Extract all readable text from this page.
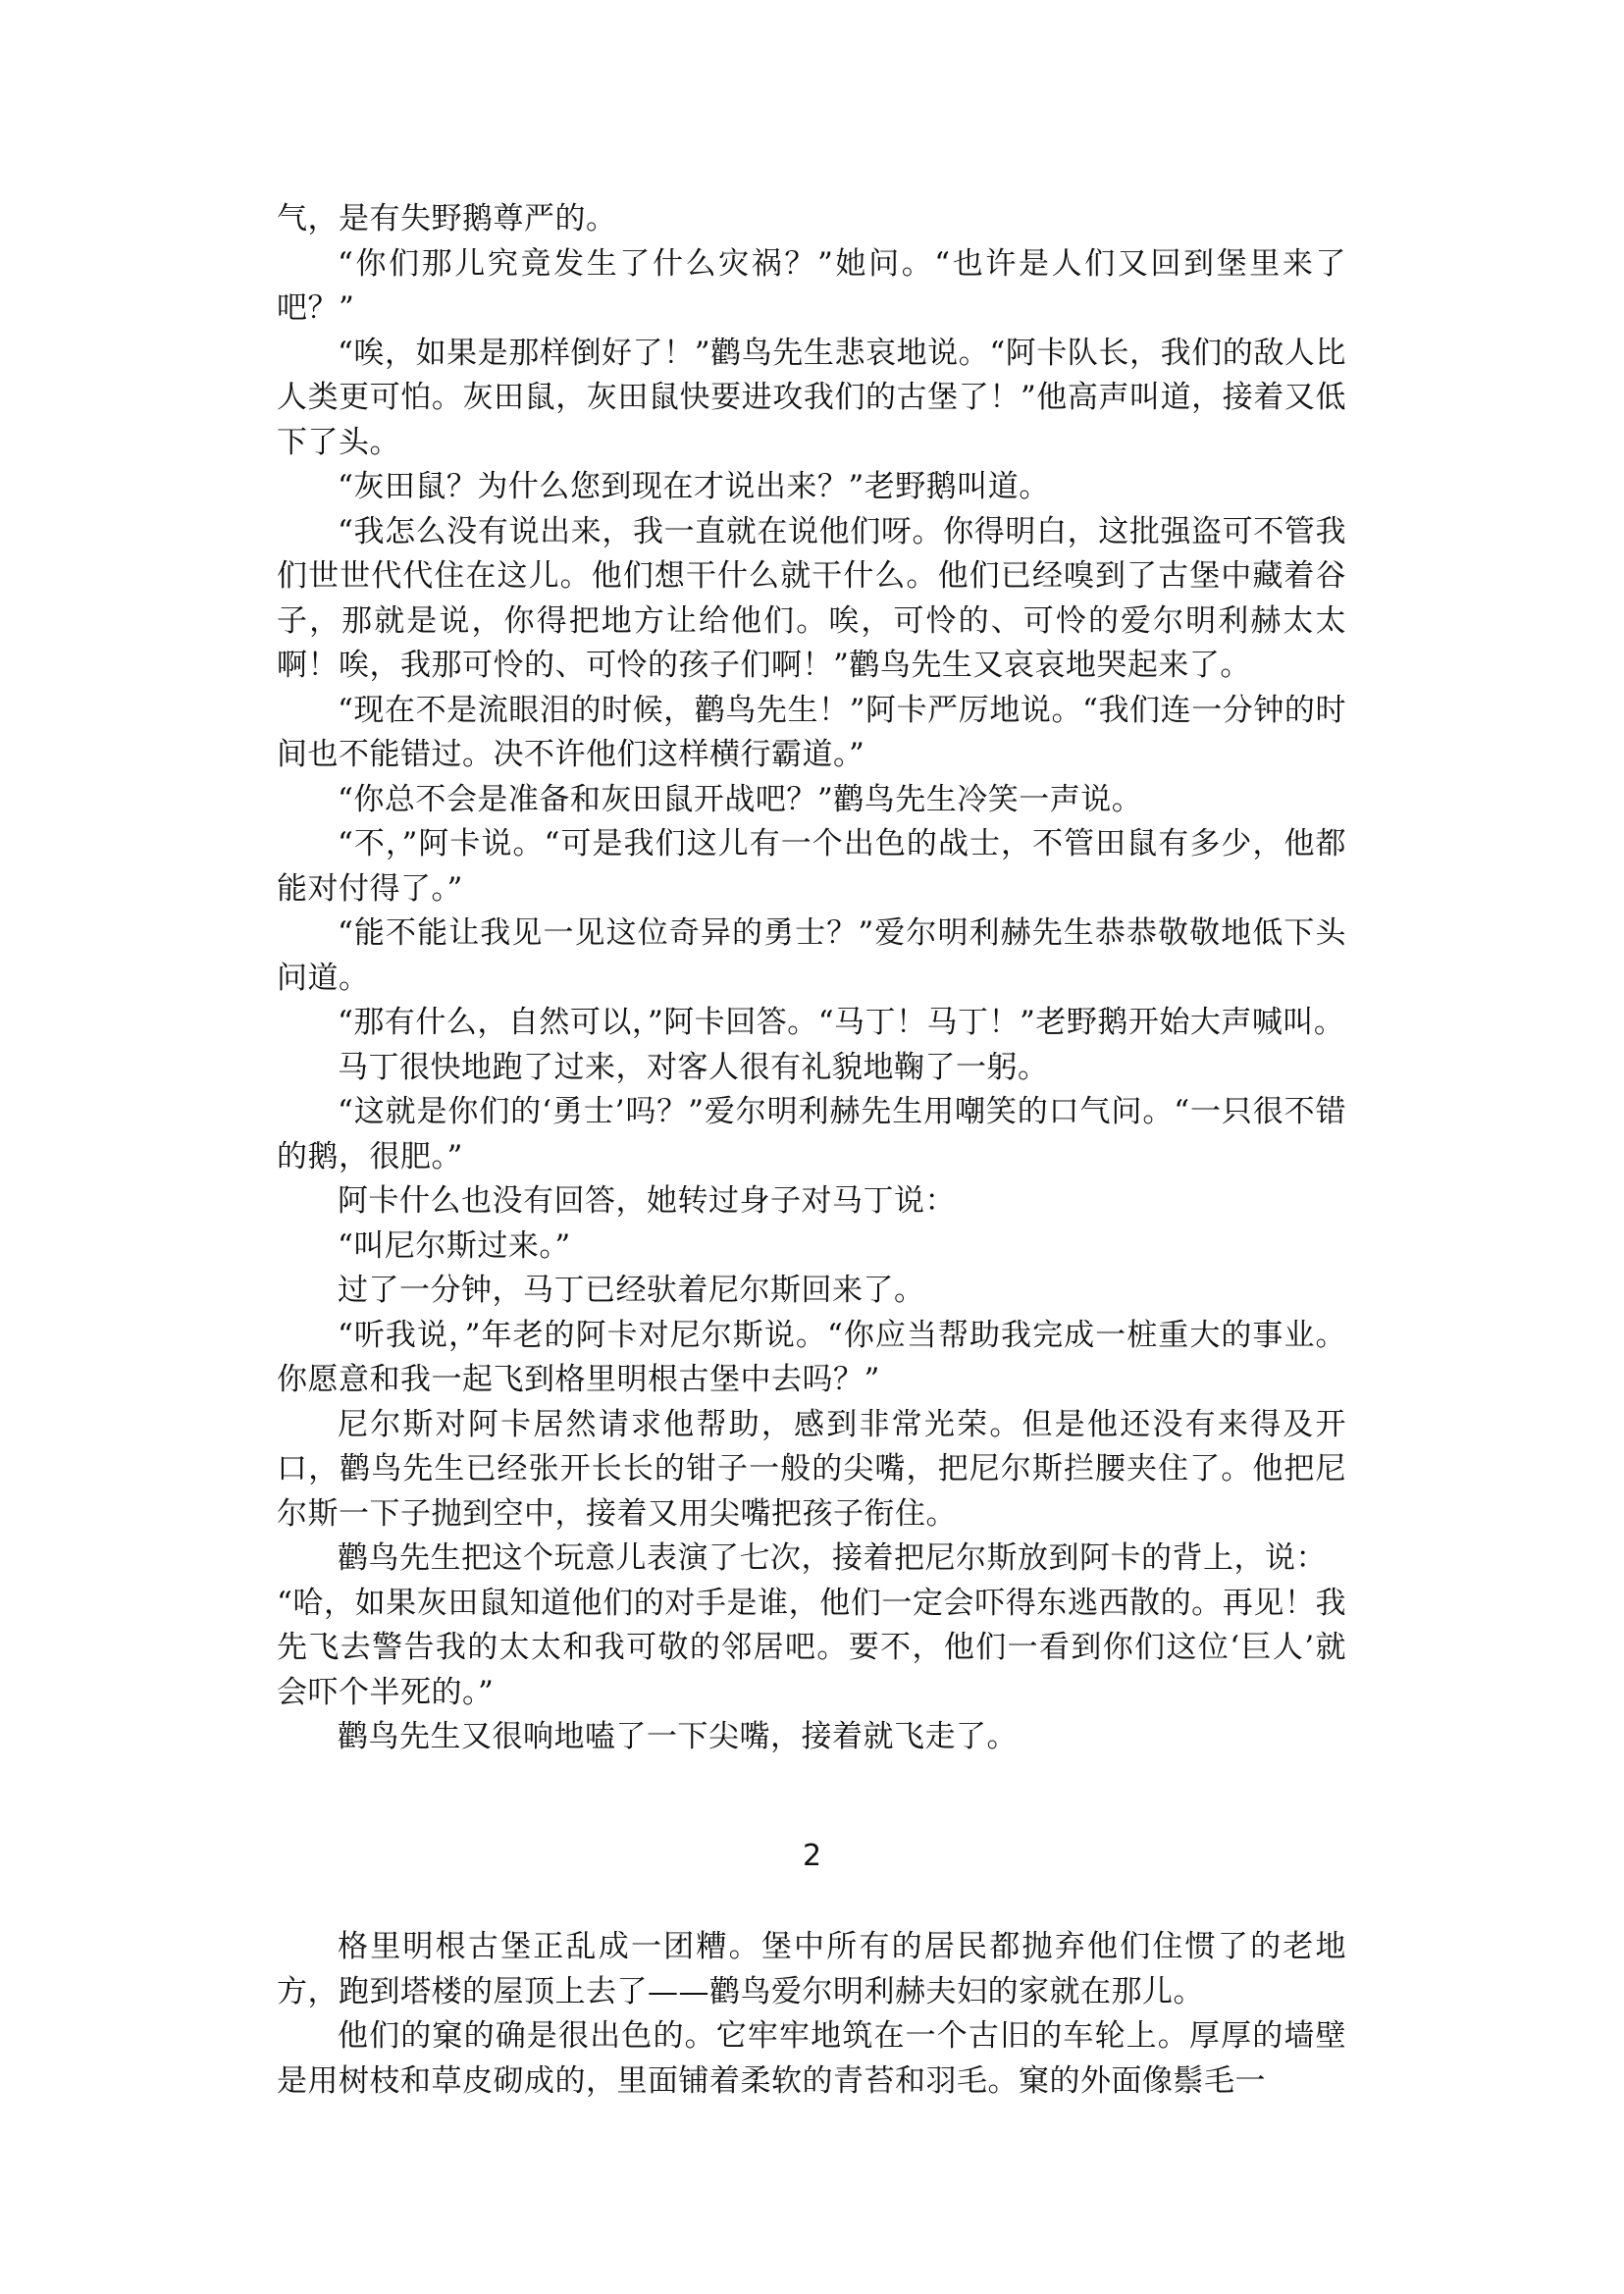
气，是有失野鹅尊严的。

“你们那儿究竟发生了什么灾祸？”她问。“也许是人们又回到堡里来了吧？”

“唉，如果是那样倒好了！”鹳鸟先生悲哀地说。“阿卡队长，我们的敌人比人类更可怕。灰田鼠，灰田鼠快要进攻我们的古堡了！”他高声叫道，接着又低下了头。

“灰田鼠？为什么您到现在才说出来？”老野鹅叫道。

“我怎么没有说出来，我一直就在说他们呀。你得明白，这批强盗可不管我们世世代代住在这儿。他们想干什么就干什么。他们已经嗅到了古堡中藏着谷子，那就是说，你得把地方让给他们。唉，可怜的、可怜的爱尔明利赫太太啊！唉，我那可怜的、可怜的孩子们啊！”鹳鸟先生又哀哀地哭起来了。

“现在不是流眼泪的时候，鹳鸟先生！”阿卡严厉地说。“我们连一分钟的时间也不能错过。决不许他们这样横行霸道。”

“你总不会是准备和灰田鼠开战吧？”鹳鸟先生冷笑一声说。

“不，”阿卡说。“可是我们这儿有一个出色的战士，不管田鼠有多少，他都能对付得了。”

“能不能让我见一见这位奇异的勇士？”爱尔明利赫先生恭恭敬敬地低下头问道。

“那有什么，自然可以，”阿卡回答。“马丁！马丁！”老野鹅开始大声喊叫。

马丁很快地跑了过来，对客人很有礼貌地鞠了一躬。

“这就是你们的‘勇士’吗？”爱尔明利赫先生用嘲笑的口气问。“一只很不错的鹅，很肥。”

阿卡什么也没有回答，她转过身子对马丁说：

“叫尼尔斯过来。”

过了一分钟，马丁已经驮着尼尔斯回来了。

“听我说，”年老的阿卡对尼尔斯说。“你应当帮助我完成一桩重大的事业。你愿意和我一起飞到格里明根古堡中去吗？”

尼尔斯对阿卡居然请求他帮助，感到非常光荣。但是他还没有来得及开口，鹳鸟先生已经张开长长的钳子一般的尖嘴，把尼尔斯拦腰夹住了。他把尼尔斯一下子抛到空中，接着又用尖嘴把孩子衔住。

鹳鸟先生把这个玩意儿表演了七次，接着把尼尔斯放到阿卡的背上，说：

“哈，如果灰田鼠知道他们的对手是谁，他们一定会吓得东逃西散的。再见！我先飞去警告我的太太和我可敬的邻居吧。要不，他们一看到你们这位‘巨人’就会吓个半死的。”

鹳鸟先生又很响地嗑了一下尖嘴，接着就飞走了。

2

格里明根古堡正乱成一团糟。堡中所有的居民都抛弃他们住惯了的老地方，跑到塔楼的屋顶上去了——鹳鸟爱尔明利赫夫妇的家就在那儿。

他们的窠的确是很出色的。它牢牢地筑在一个古旧的车轮上。厚厚的墙壁是用树枝和草皮砌成的，里面铺着柔软的青苔和羽毛。窠的外面像鬃毛一
